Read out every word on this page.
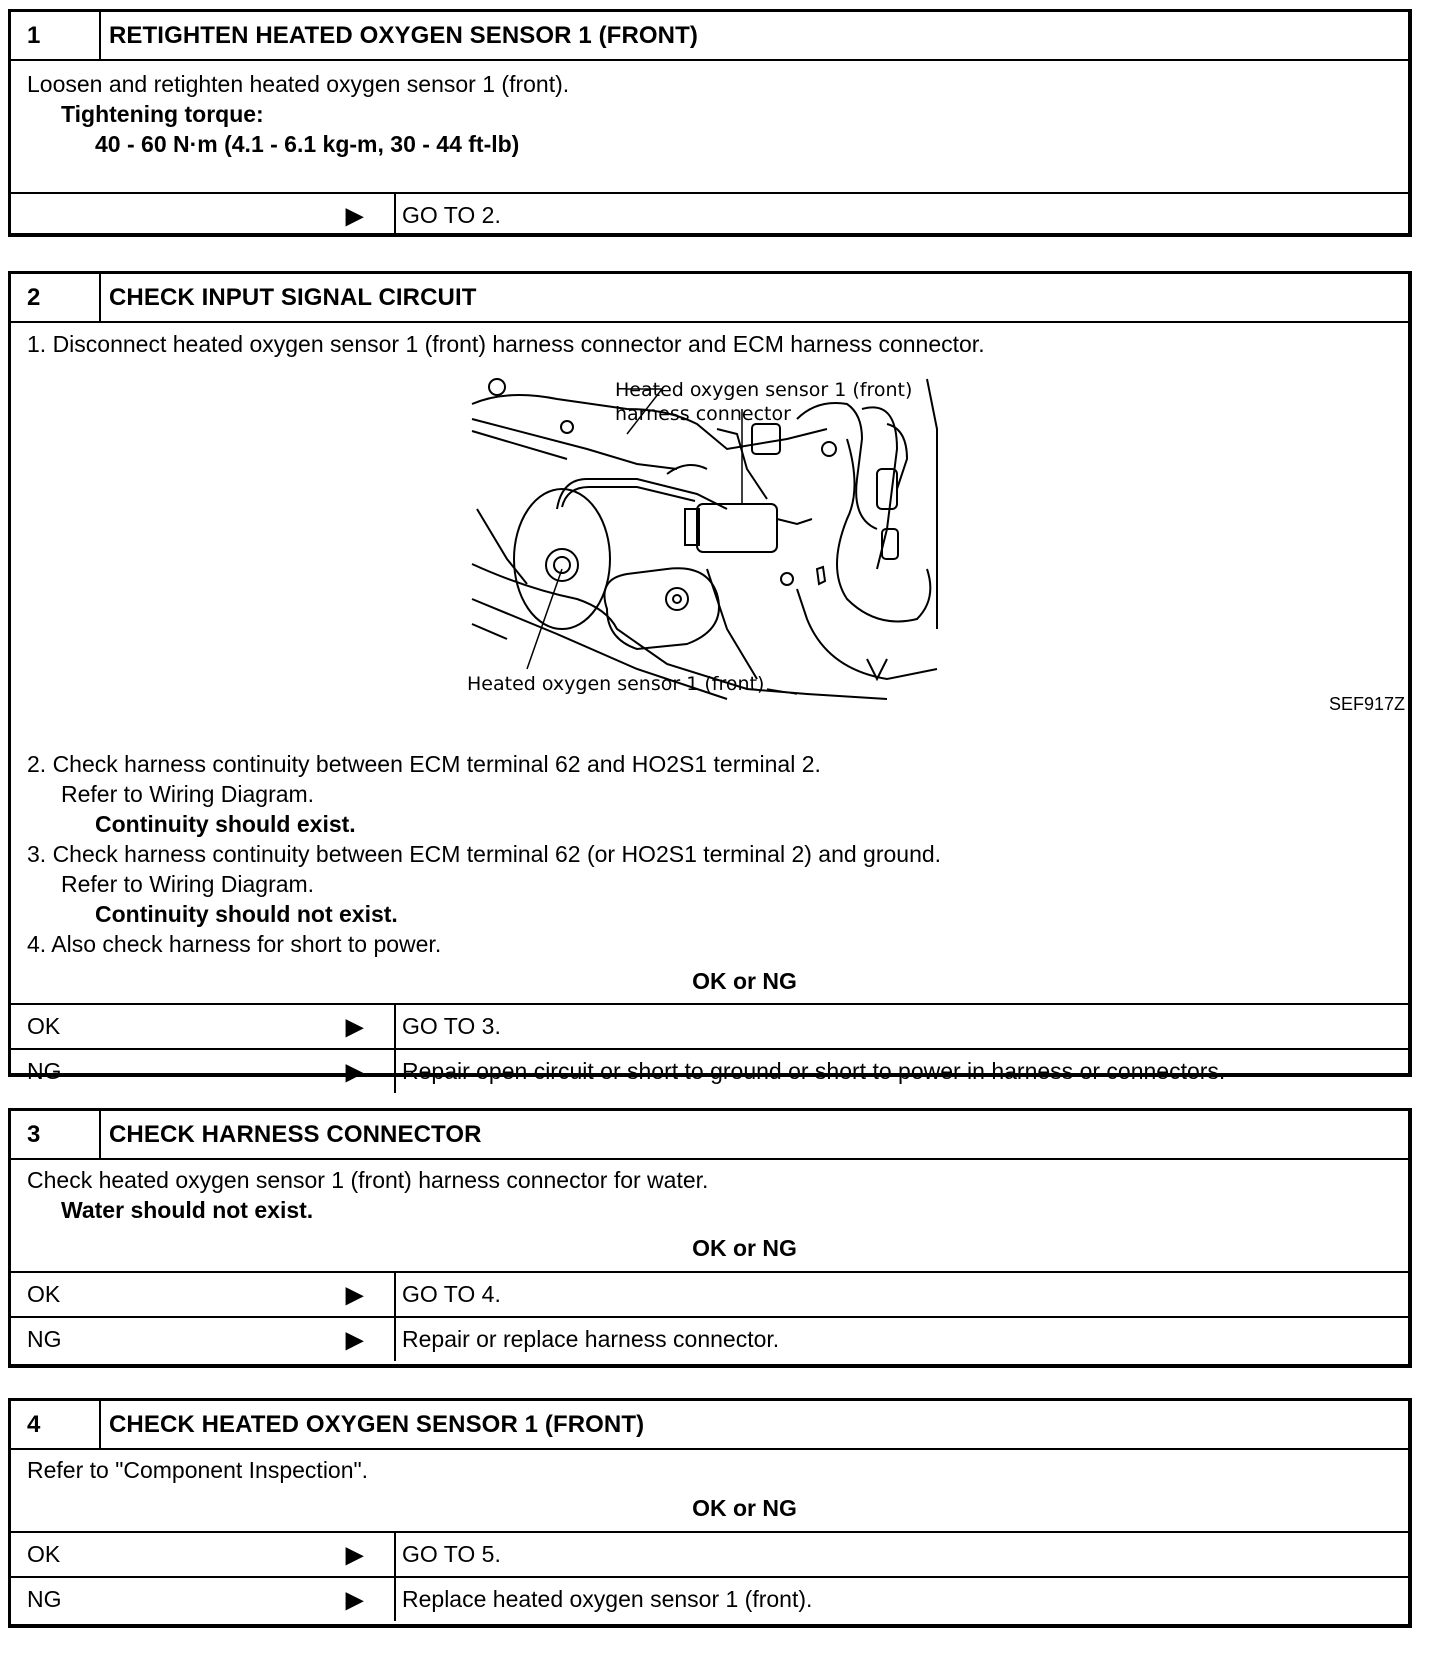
1	RETIGHTEN HEATED OXYGEN SENSOR 1 (FRONT)
Loosen and retighten heated oxygen sensor 1 (front).
Tightening torque:
40 - 60 N·m (4.1 - 6.1 kg-m, 30 - 44 ft-lb)
▶ GO TO 2.
2	CHECK INPUT SIGNAL CIRCUIT
1. Disconnect heated oxygen sensor 1 (front) harness connector and ECM harness connector.
Heated oxygen sensor 1 (front)
harness connector
Heated oxygen sensor 1 (front)
SEF917Z
2. Check harness continuity between ECM terminal 62 and HO2S1 terminal 2.
Refer to Wiring Diagram.
Continuity should exist.
3. Check harness continuity between ECM terminal 62 (or HO2S1 terminal 2) and ground.
Refer to Wiring Diagram.
Continuity should not exist.
4. Also check harness for short to power.
OK or NG
OK	▶ GO TO 3.
NG	▶ Repair open circuit or short to ground or short to power in harness or connectors.
3	CHECK HARNESS CONNECTOR
Check heated oxygen sensor 1 (front) harness connector for water.
Water should not exist.
OK or NG
OK	▶ GO TO 4.
NG	▶ Repair or replace harness connector.
4	CHECK HEATED OXYGEN SENSOR 1 (FRONT)
Refer to "Component Inspection".
OK or NG
OK	▶ GO TO 5.
NG	▶ Replace heated oxygen sensor 1 (front).
